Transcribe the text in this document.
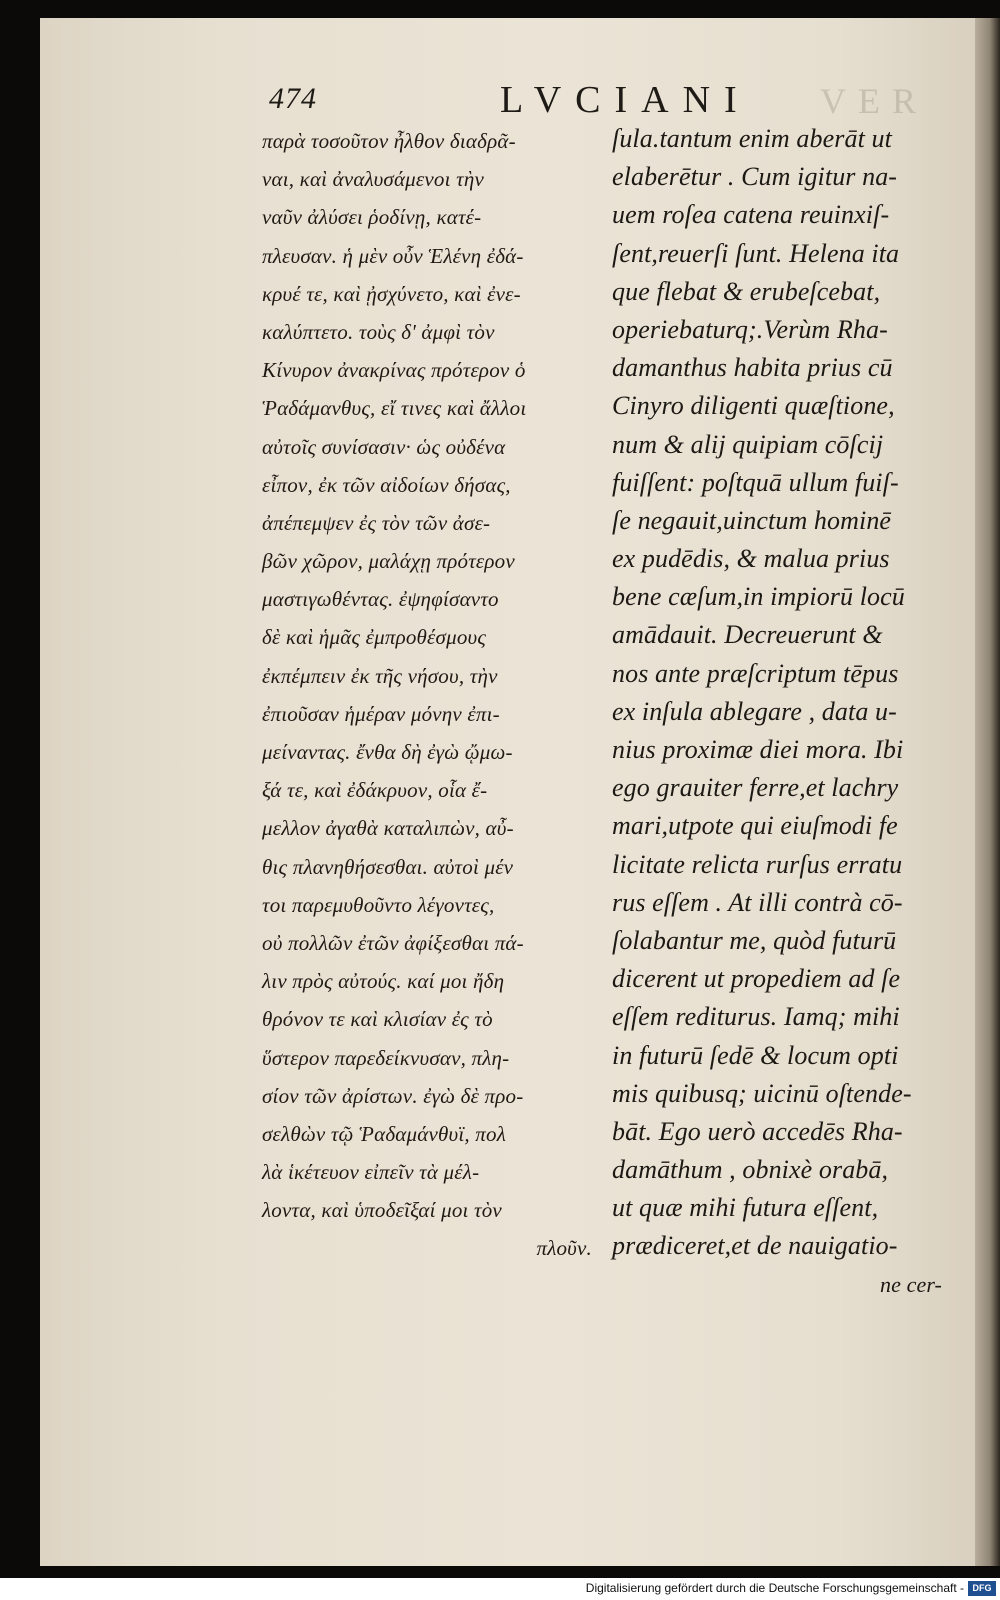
474	LVCIANI VER
παρὰ τοσοῦτον ἦλθον διαδρᾶ-
ναι, καὶ ἀναλυσάμενοι τὴν
ναῦν ἀλύσει ῥοδίνῃ, κατέ-
πλευσαν. ἡ μὲν οὖν Ἑλένη ἐδά-
κρυέ τε, καὶ ᾐσχύνετο, καὶ ἐνε-
καλύπτετο. τοὺς δ' ἀμφὶ τὸν
Κίνυρον ἀνακρίνας πρότερον ὁ
Ῥαδάμανθυς, εἴ τινες καὶ ἄλλοι
αὐτοῖς συνίσασιν· ὡς οὐδένα
εἶπον, ἐκ τῶν αἰδοίων δήσας,
ἀπέπεμψεν ἐς τὸν τῶν ἀσε-
βῶν χῶρον, μαλάχῃ πρότερον
μαστιγωθέντας. ἐψηφίσαντο
δὲ καὶ ἡμᾶς ἐμπροθέσμους
ἐκπέμπειν ἐκ τῆς νήσου, τὴν
ἐπιοῦσαν ἡμέραν μόνην ἐπι-
μείναντας. ἔνθα δὴ ἐγὼ ᾤμω-
ξά τε, καὶ ἐδάκρυον, οἷα ἔ-
μελλον ἀγαθὰ καταλιπὼν, αὖ-
θις πλανηθήσεσθαι. αὐτοὶ μέν
τοι παρεμυθοῦντο λέγοντες,
οὐ πολλῶν ἐτῶν ἀφίξεσθαι πά-
λιν πρὸς αὐτούς. καί μοι ἤδη
θρόνον τε καὶ κλισίαν ἐς τὸ
ὕστερον παρεδείκνυσαν, πλη-
σίον τῶν ἀρίστων. ἐγὼ δὲ προ-
σελθὼν τῷ Ῥαδαμάνθυϊ, πολ
λὰ ἱκέτευον εἰπεῖν τὰ μέλ-
λοντα, καὶ ὑποδεῖξαί μοι τὸν
πλοῦν.
ſula.tantum enim aberāt ut
elaberētur . Cum igitur na-
uem roſea catena reuinxiſ-
ſent,reuerſi ſunt. Helena ita
que flebat & erubeſcebat,
operiebaturq;.Verùm Rha-
damanthus habita prius cū
Cinyro diligenti quæſtione,
num & alij quipiam cōſcij
fuiſſent: poſtquā ullum fuiſ-
ſe negauit,uinctum hominē
ex pudēdis, & malua prius
bene cæſum,in impiorū locū
amādauit. Decreuerunt &
nos ante præſcriptum tēpus
ex inſula ablegare , data u-
nius proximæ diei mora. Ibi
ego grauiter ferre,et lachry
mari,utpote qui eiuſmodi fe
licitate relicta rurſus erratu
rus eſſem . At illi contrà cō-
ſolabantur me, quòd futurū
dicerent ut propediem ad ſe
eſſem rediturus. Iamq; mihi
in futurū ſedē & locum opti
mis quibusq; uicinū oſtende-
bāt. Ego uerò accedēs Rha-
damāthum , obnixè orabā,
ut quæ mihi futura eſſent,
prædiceret,et de nauigatio-
ne cer-
Digitalisierung gefördert durch die Deutsche Forschungsgemeinschaft - DFG
